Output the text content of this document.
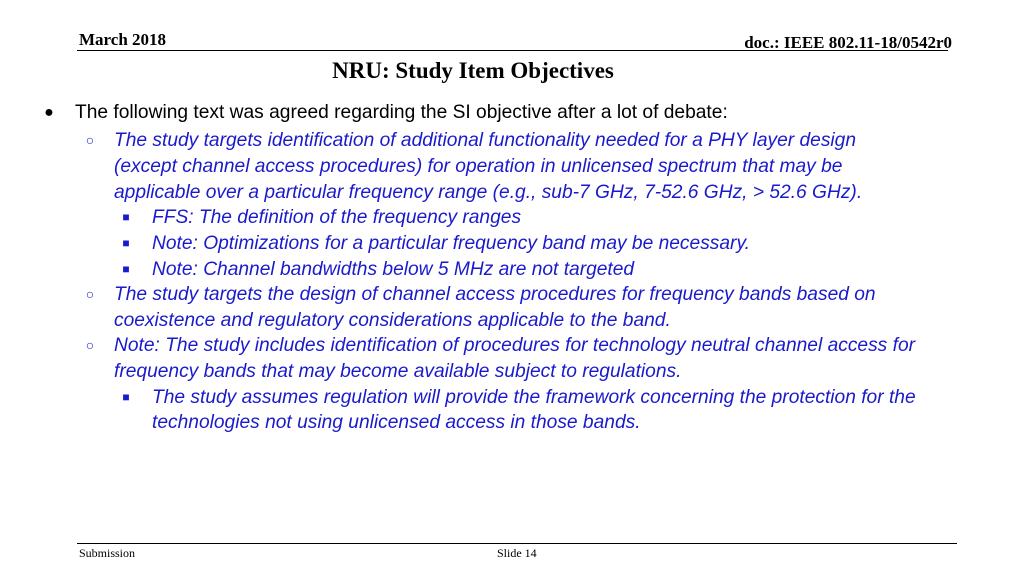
March 2018	doc.: IEEE 802.11-18/0542r0
NRU: Study Item Objectives
● The following text was agreed regarding the SI objective after a lot of debate:
○ The study targets identification of additional functionality needed for a PHY layer design
(except channel access procedures) for operation in unlicensed spectrum that may be
applicable over a particular frequency range (e.g., sub-7 GHz, 7-52.6 GHz, > 52.6 GHz).
■ FFS: The definition of the frequency ranges
■ Note: Optimizations for a particular frequency band may be necessary.
■ Note: Channel bandwidths below 5 MHz are not targeted
○ The study targets the design of channel access procedures for frequency bands based on
coexistence and regulatory considerations applicable to the band.
○ Note: The study includes identification of procedures for technology neutral channel access for
frequency bands that may become available subject to regulations.
■ The study assumes regulation will provide the framework concerning the protection for the
technologies not using unlicensed access in those bands.
Submission	Slide 14
